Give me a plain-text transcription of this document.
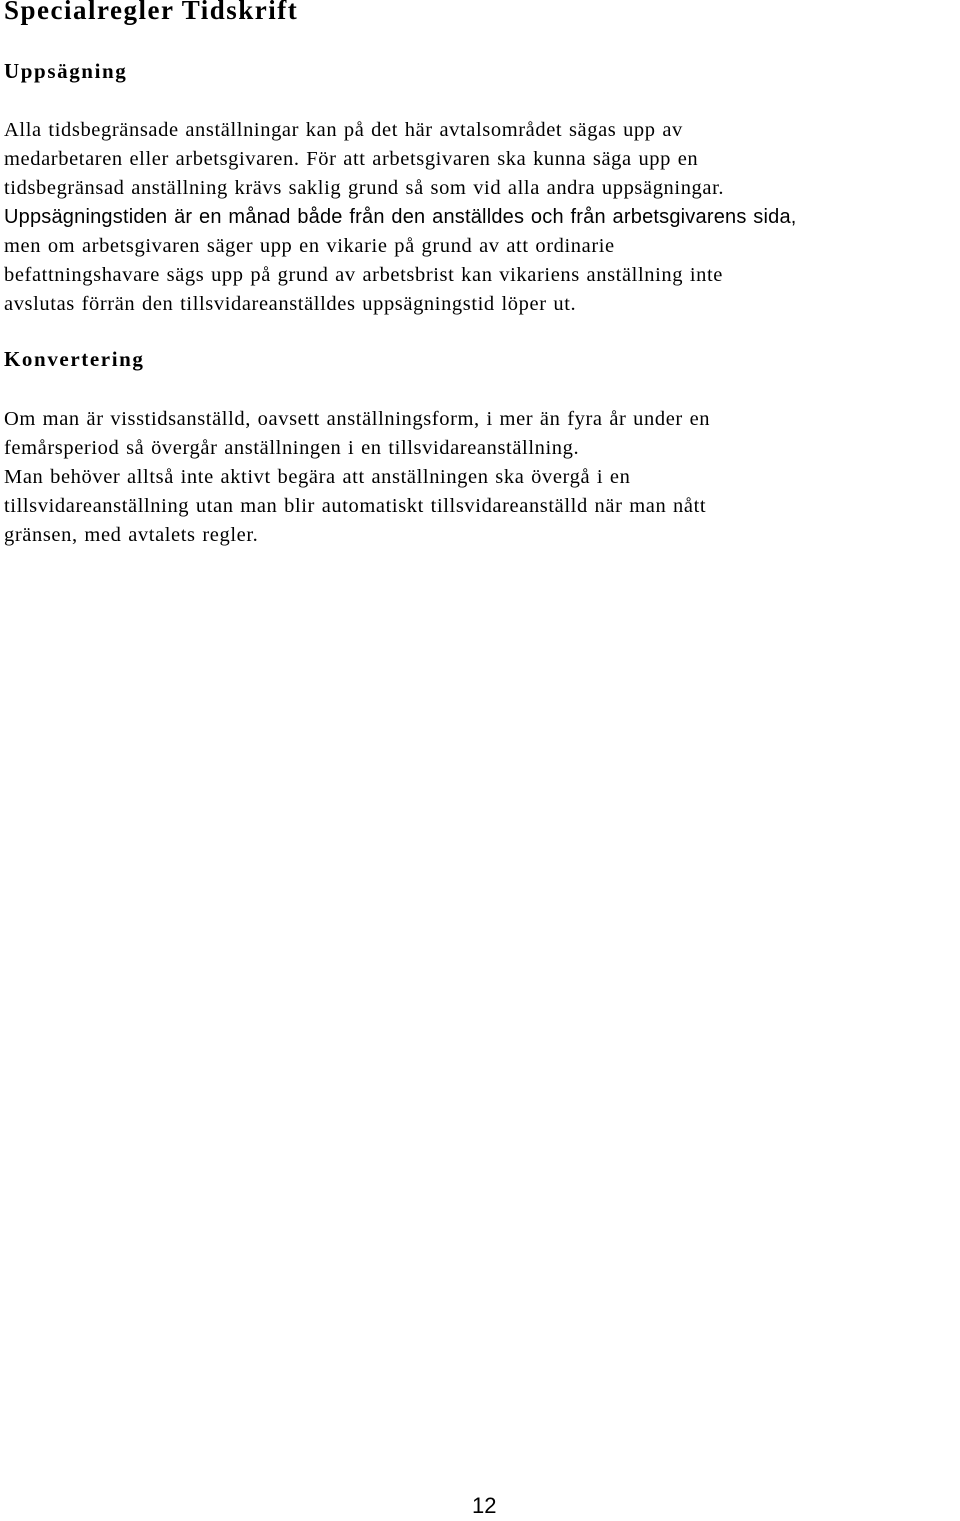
Specialregler Tidskrift
Uppsägning

Alla tidsbegränsade anställningar kan på det här avtalsområdet sägas upp av
medarbetaren eller arbetsgivaren. För att arbetsgivaren ska kunna säga upp en
tidsbegränsad anställning krävs saklig grund så som vid alla andra uppsägningar.
Uppsägningstiden är en månad både från den anställdes och från arbetsgivarens sida,
men om arbetsgivaren säger upp en vikarie på grund av att ordinarie
befattningshavare sägs upp på grund av arbetsbrist kan vikariens anställning inte
avslutas förrän den tillsvidareanställdes uppsägningstid löper ut.

Konvertering

Om man är visstidsanställd, oavsett anställningsform, i mer än fyra år under en
femårsperiod så övergår anställningen i en tillsvidareanställning.
Man behöver alltså inte aktivt begära att anställningen ska övergå i en
tillsvidareanställning utan man blir automatiskt tillsvidareanställd när man nått
gränsen, med avtalets regler.

12
